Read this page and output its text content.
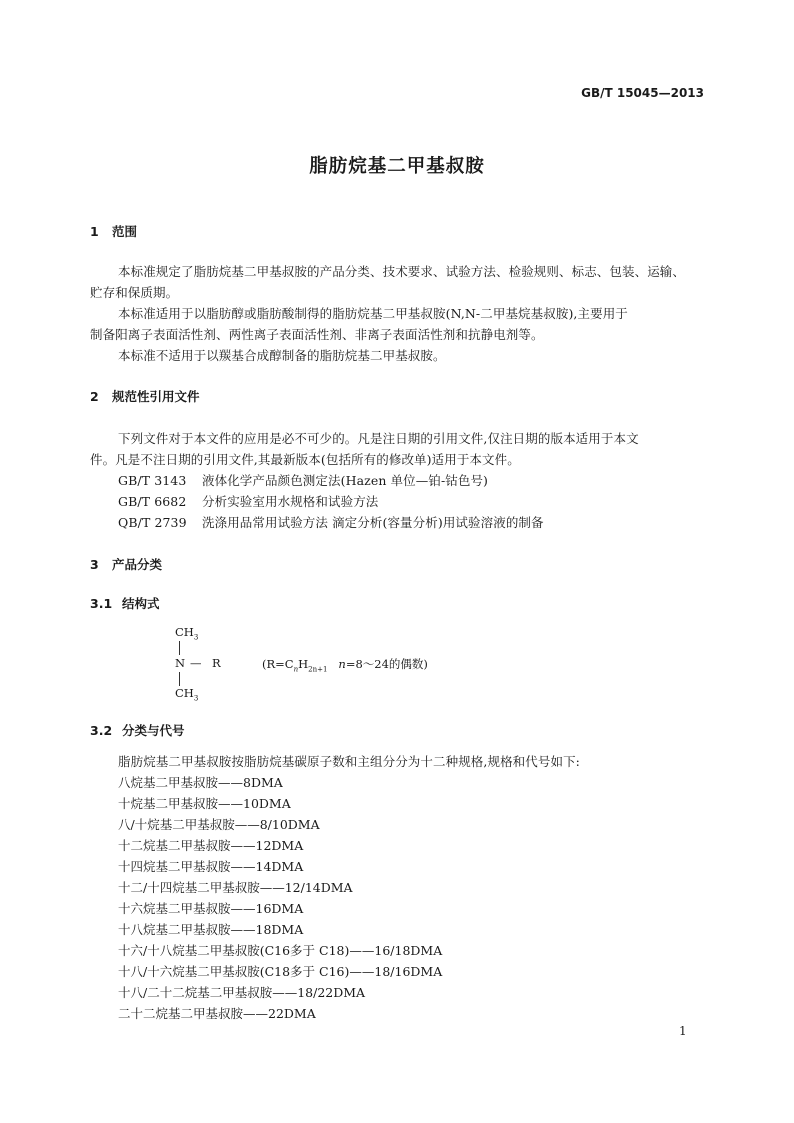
GB/T 15045—2013
脂肪烷基二甲基叔胺
1 范围
本标准规定了脂肪烷基二甲基叔胺的产品分类、技术要求、试验方法、检验规则、标志、包装、运输、
贮存和保质期。
本标准适用于以脂肪醇或脂肪酸制得的脂肪烷基二甲基叔胺(N,N-二甲基烷基叔胺),主要用于
制备阳离子表面活性剂、两性离子表面活性剂、非离子表面活性剂和抗静电剂等。
本标准不适用于以羰基合成醇制备的脂肪烷基二甲基叔胺。
2 规范性引用文件
下列文件对于本文件的应用是必不可少的。凡是注日期的引用文件,仅注日期的版本适用于本文
件。凡是不注日期的引用文件,其最新版本(包括所有的修改单)适用于本文件。
GB/T 3143 液体化学产品颜色测定法(Hazen 单位—铂-钴色号)
GB/T 6682 分析实验室用水规格和试验方法
QB/T 2739 洗涤用品常用试验方法 滴定分析(容量分析)用试验溶液的制备
3 产品分类
3.1 结构式
$CH_3$
N — R
$CH_3$
($R=C_nH_{2n+1}$ n=8～24的偶数)
3.2 分类与代号
脂肪烷基二甲基叔胺按脂肪烷基碳原子数和主组分分为十二种规格,规格和代号如下:
八烷基二甲基叔胺——8DMA
十烷基二甲基叔胺——10DMA
八/十烷基二甲基叔胺——8/10DMA
十二烷基二甲基叔胺——12DMA
十四烷基二甲基叔胺——14DMA
十二/十四烷基二甲基叔胺——12/14DMA
十六烷基二甲基叔胺——16DMA
十八烷基二甲基叔胺——18DMA
十六/十八烷基二甲基叔胺(C16多于 C18)——16/18DMA
十八/十六烷基二甲基叔胺(C18多于 C16)——18/16DMA
十八/二十二烷基二甲基叔胺——18/22DMA
二十二烷基二甲基叔胺——22DMA
1
